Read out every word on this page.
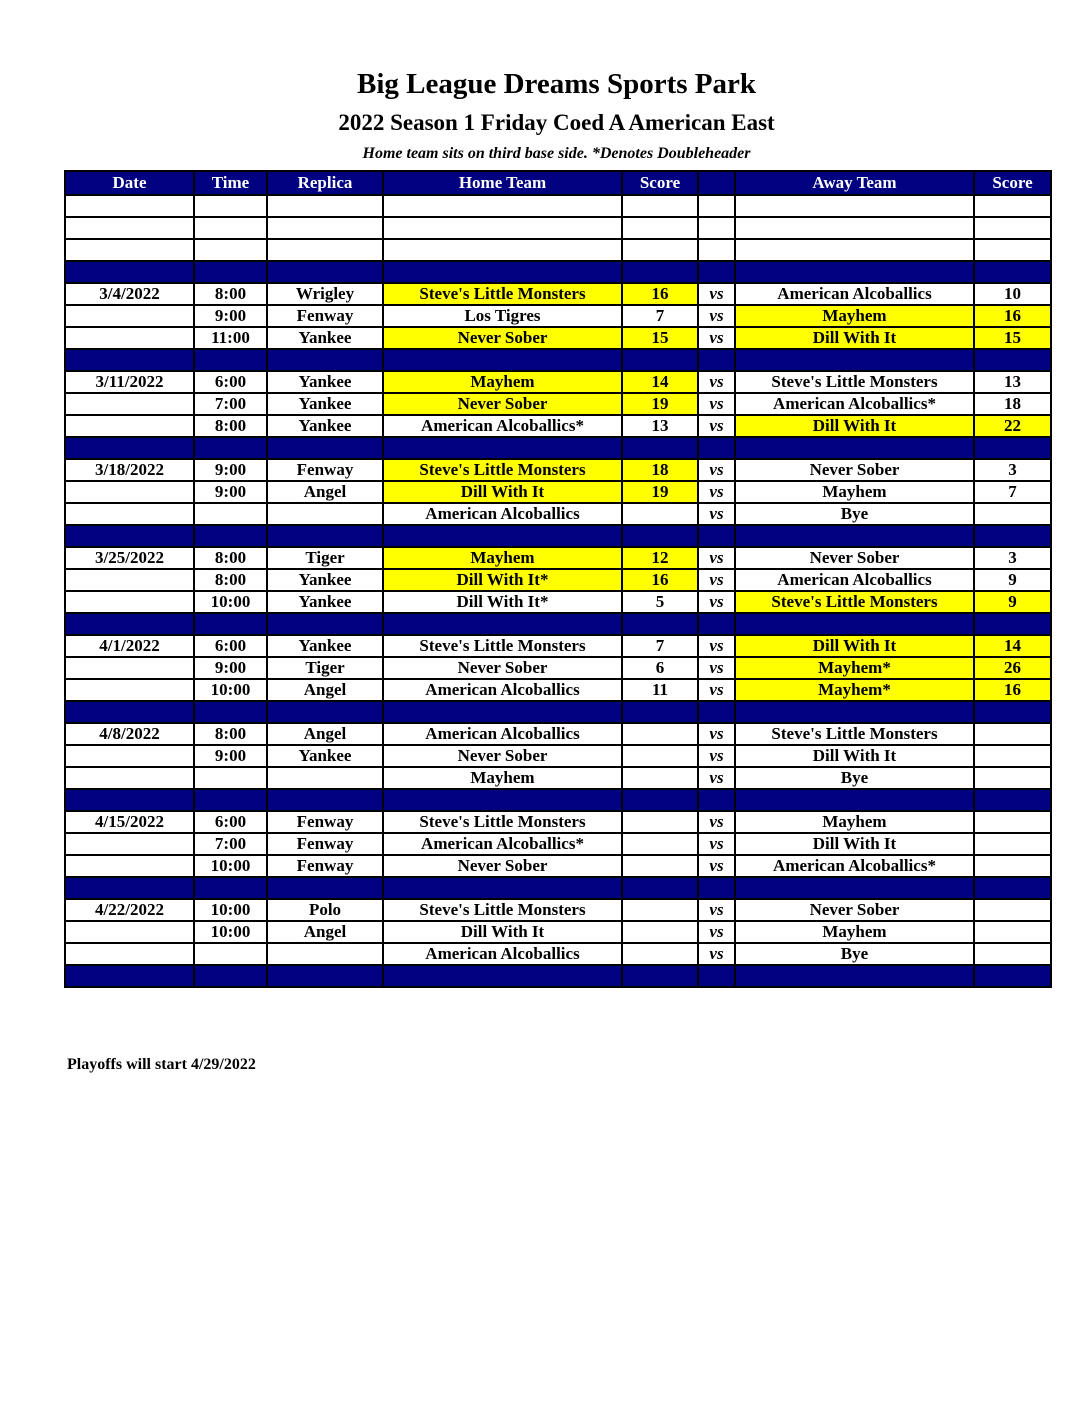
Big League Dreams Sports Park
2022 Season 1 Friday Coed A American East
Home team sits on third base side. *Denotes Doubleheader
Date	Time	Replica	Home Team	Score		Away Team	Score

3/4/2022	8:00	Wrigley	Steve's Little Monsters	16	vs	American Alcoballics	10
	9:00	Fenway	Los Tigres	7	vs	Mayhem	16
	11:00	Yankee	Never Sober	15	vs	Dill With It	15

3/11/2022	6:00	Yankee	Mayhem	14	vs	Steve's Little Monsters	13
	7:00	Yankee	Never Sober	19	vs	American Alcoballics*	18
	8:00	Yankee	American Alcoballics*	13	vs	Dill With It	22

3/18/2022	9:00	Fenway	Steve's Little Monsters	18	vs	Never Sober	3
	9:00	Angel	Dill With It	19	vs	Mayhem	7
			American Alcoballics		vs	Bye	

3/25/2022	8:00	Tiger	Mayhem	12	vs	Never Sober	3
	8:00	Yankee	Dill With It*	16	vs	American Alcoballics	9
	10:00	Yankee	Dill With It*	5	vs	Steve's Little Monsters	9

4/1/2022	6:00	Yankee	Steve's Little Monsters	7	vs	Dill With It	14
	9:00	Tiger	Never Sober	6	vs	Mayhem*	26
	10:00	Angel	American Alcoballics	11	vs	Mayhem*	16

4/8/2022	8:00	Angel	American Alcoballics		vs	Steve's Little Monsters	
	9:00	Yankee	Never Sober		vs	Dill With It	
			Mayhem		vs	Bye	

4/15/2022	6:00	Fenway	Steve's Little Monsters		vs	Mayhem	
	7:00	Fenway	American Alcoballics*		vs	Dill With It	
	10:00	Fenway	Never Sober		vs	American Alcoballics*	

4/22/2022	10:00	Polo	Steve's Little Monsters		vs	Never Sober	
	10:00	Angel	Dill With It		vs	Mayhem	
			American Alcoballics		vs	Bye	

Playoffs will start 4/29/2022
